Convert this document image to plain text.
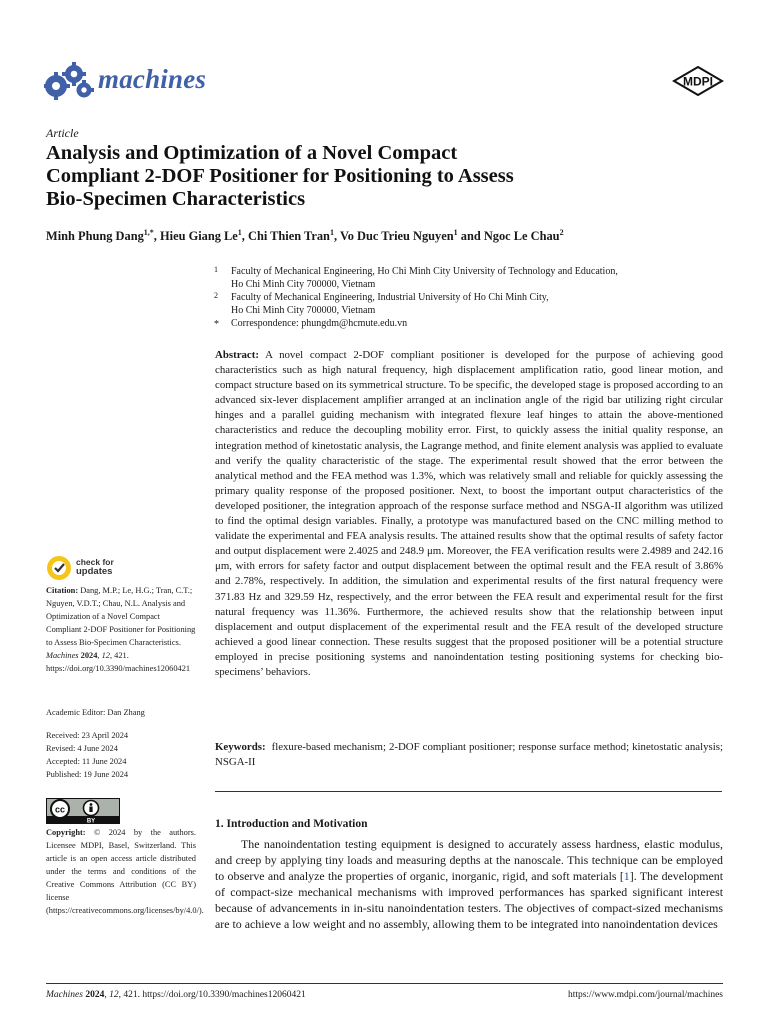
machines	MDPI
Article
Analysis and Optimization of a Novel Compact
Compliant 2-DOF Positioner for Positioning to Assess
Bio-Specimen Characteristics
Minh Phung Dang$^{1,*}$, Hieu Giang Le$^1$, Chi Thien Tran$^1$, Vo Duc Trieu Nguyen$^1$ and Ngoc Le Chau$^2$
1 Faculty of Mechanical Engineering, Ho Chi Minh City University of Technology and Education,
Ho Chi Minh City 700000, Vietnam
2 Faculty of Mechanical Engineering, Industrial University of Ho Chi Minh City,
Ho Chi Minh City 700000, Vietnam
* Correspondence: phungdm@hcmute.edu.vn
Abstract: A novel compact 2-DOF compliant positioner is developed for the purpose of achieving good characteristics such as high natural frequency, high displacement amplification ratio, good linear motion, and compact structure based on its symmetrical structure. To be specific, the developed stage is proposed according to an advanced six-lever displacement amplifier arranged at an inclination angle of the rigid bar utilizing right circular hinges and a parallel guiding mechanism with integrated flexure leaf hinges to attain the above-mentioned characteristics and reduce the decoupling mobility error. First, to quickly assess the initial quality response, an integration method of kinetostatic analysis, the Lagrange method, and finite element analysis was applied to evaluate and verify the quality characteristic of the stage. The experimental result showed that the error between the analytical method and the FEA method was 1.3%, which was relatively small and reliable for quickly assessing the primary quality response of the proposed positioner. Next, to boost the important output characteristics of the developed positioner, the integration approach of the response surface method and NSGA-II algorithm was utilized to find the optimal design variables. Finally, a prototype was manufactured based on the CNC milling method to validate the experimental and FEA analysis results. The attained results show that the optimal results of safety factor and output displacement were 2.4025 and 248.9 μm. Moreover, the FEA verification results were 2.4989 and 242.16 μm, with errors for safety factor and output displacement between the optimal result and the FEA result of 3.86% and 2.78%, respectively. In addition, the simulation and experimental results of the first natural frequency were 371.83 Hz and 329.59 Hz, respectively, and the error between the FEA result and experimental result for the first natural frequency was 11.36%. Furthermore, the achieved results show that the relationship between input displacement and output displacement of the experimental result and the FEA result of the developed structure achieved a good linear connection. These results suggest that the proposed positioner will be a potential structure employed in precise positioning systems and nanoindentation testing positioning systems for checking bio-specimens’ behaviors.
Keywords: flexure-based mechanism; 2-DOF compliant positioner; response surface method; kinetostatic analysis; NSGA-II
1. Introduction and Motivation
The nanoindentation testing equipment is designed to accurately assess hardness, elastic modulus, and creep by applying tiny loads and measuring depths at the nanoscale. This technique can be employed to observe and analyze the properties of organic, inorganic, rigid, and soft materials [1]. The development of compact-size mechanical mechanisms with improved performances has sparked significant interest because of advancements in in-situ nanoindentation testers. The objectives of compact-sized mechanisms are to achieve a low weight and no assembly, allowing them to be integrated into nanoindentation devices
check for
updates
Citation: Dang, M.P.; Le, H.G.; Tran, C.T.; Nguyen, V.D.T.; Chau, N.L. Analysis and Optimization of a Novel Compact Compliant 2-DOF Positioner for Positioning to Assess Bio-Specimen Characteristics. Machines 2024, 12, 421. https://doi.org/10.3390/machines12060421
Academic Editor: Dan Zhang
Received: 23 April 2024
Revised: 4 June 2024
Accepted: 11 June 2024
Published: 19 June 2024
cc
BY
Copyright: © 2024 by the authors. Licensee MDPI, Basel, Switzerland. This article is an open access article distributed under the terms and conditions of the Creative Commons Attribution (CC BY) license (https://creativecommons.org/licenses/by/4.0/).
Machines 2024, 12, 421. https://doi.org/10.3390/machines12060421	https://www.mdpi.com/journal/machines
